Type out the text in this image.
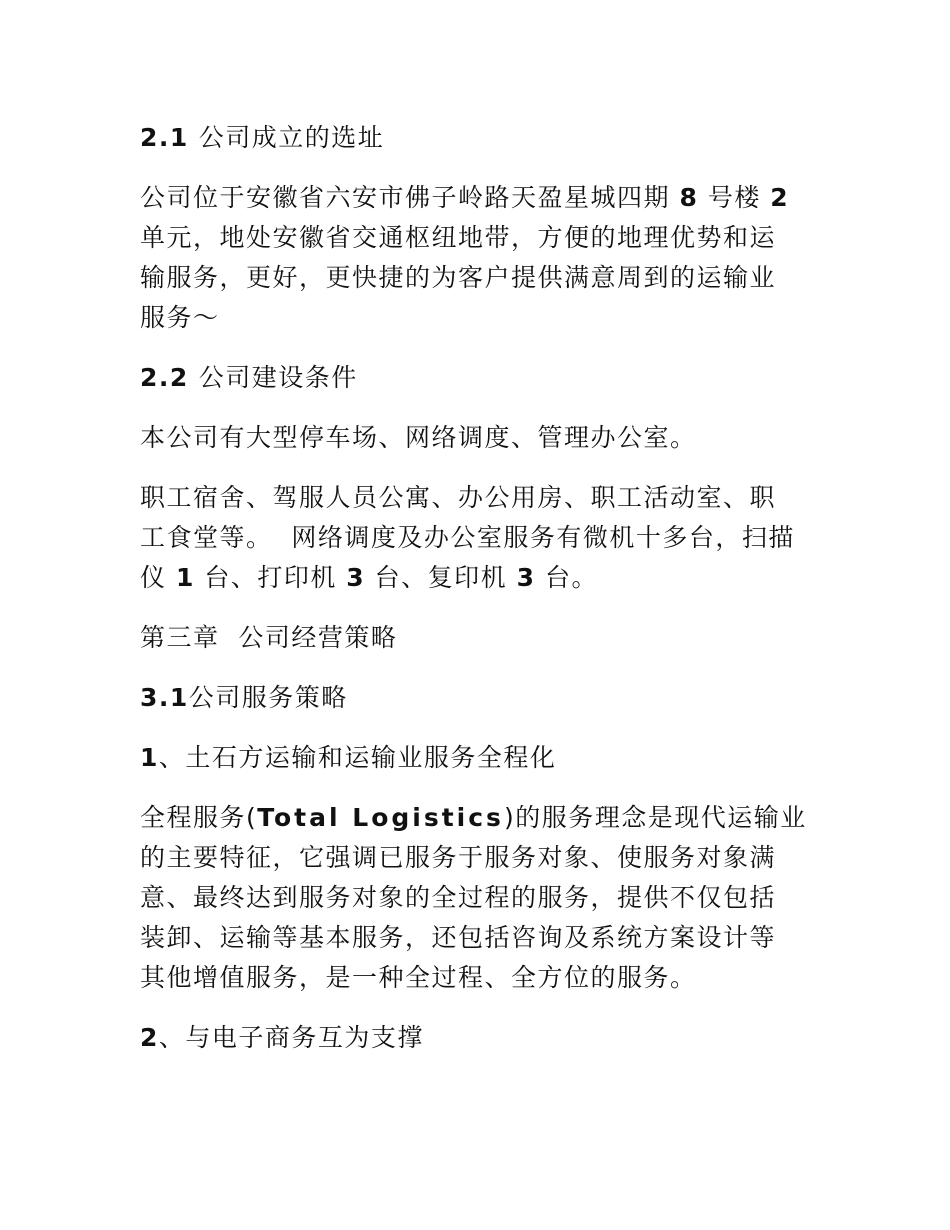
2.1 公司成立的选址

公司位于安徽省六安市佛子岭路天盈星城四期 8 号楼 2

单元，地处安徽省交通枢纽地带，方便的地理优势和运

输服务，更好，更快捷的为客户提供满意周到的运输业

服务～

2.2 公司建设条件

本公司有大型停车场、网络调度、管理办公室。

职工宿舍、驾服人员公寓、办公用房、职工活动室、职

工食堂等。  网络调度及办公室服务有微机十多台，扫描

仪 1 台、打印机 3 台、复印机 3 台。

第三章  公司经营策略

3.1公司服务策略

1、土石方运输和运输业服务全程化

全程服务(Total Logistics)的服务理念是现代运输业

的主要特征，它强调已服务于服务对象、使服务对象满

意、最终达到服务对象的全过程的服务，提供不仅包括

装卸、运输等基本服务，还包括咨询及系统方案设计等

其他增值服务，是一种全过程、全方位的服务。

2、与电子商务互为支撑
